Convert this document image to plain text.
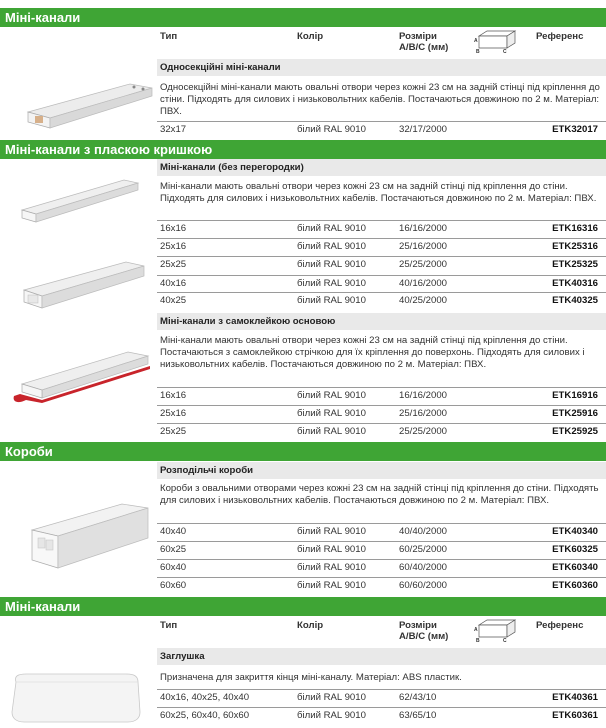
Міні-канали
Тип	Колір	Розміри
A/B/C (мм)
A
B	C
Референс
Односекційні міні-канали
Односекційні міні-канали мають овальні отвори через кожні 23 см на задній стінці під кріплення до стіни. Підходять для силових і низьковольтних кабелів. Постачаються довжиною по 2 м. Матеріал: ПВХ.
32x17	білий RAL 9010	32/17/2000	ETK32017
Міні-канали з пласкою кришкою
Міні-канали (без перегородки)
Міні-канали мають овальні отвори через кожні 23 см на задній стінці під кріплення до стіни. Підходять для силових і низьковольтних кабелів. Постачаються довжиною по 2 м. Матеріал: ПВХ.
16x16	білий RAL 9010	16/16/2000	ETK16316
25x16	білий RAL 9010	25/16/2000	ETK25316
25x25	білий RAL 9010	25/25/2000	ETK25325
40x16	білий RAL 9010	40/16/2000	ETK40316
40x25	білий RAL 9010	40/25/2000	ETK40325
Міні-канали з самоклейкою основою
Міні-канали мають овальні отвори через кожні 23 см на задній стінці під кріплення до стіни. Постачаються з самоклейкою стрічкою для їх кріплення до поверхонь. Підходять для силових і низьковольтних кабелів. Постачаються довжиною по 2 м. Матеріал: ПВХ.
16x16	білий RAL 9010	16/16/2000	ETK16916
25x16	білий RAL 9010	25/16/2000	ETK25916
25x25	білий RAL 9010	25/25/2000	ETK25925
Короби
Розподільчі короби
Короби з овальними отворами через кожні 23 см на задній стінці під кріплення до стіни. Підходять для силових і низьковольтних кабелів. Постачаються довжиною по 2 м. Матеріал: ПВХ.
40x40	білий RAL 9010	40/40/2000	ETK40340
60x25	білий RAL 9010	60/25/2000	ETK60325
60x40	білий RAL 9010	60/40/2000	ETK60340
60x60	білий RAL 9010	60/60/2000	ETK60360
Міні-канали
Тип	Колір	Розміри
A/B/C (мм)
A
B	C
Референс
Заглушка
Призначена для закриття кінця міні-каналу. Матеріал: ABS пластик.
40x16, 40x25, 40x40	білий RAL 9010	62/43/10	ETK40361
60x25, 60x40, 60x60	білий RAL 9010	63/65/10	ETK60361
